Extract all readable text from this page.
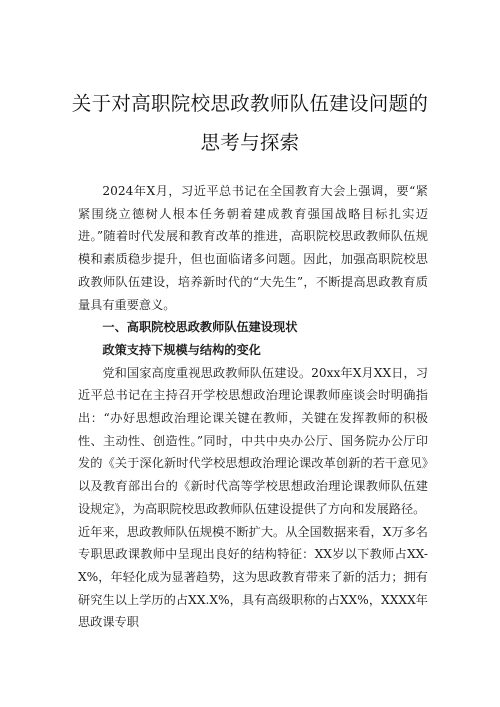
关于对高职院校思政教师队伍建设问题的
思考与探索

2024年X月，习近平总书记在全国教育大会上强调，要“紧紧围绕立德树人根本任务朝着建成教育强国战略目标扎实迈进。”随着时代发展和教育改革的推进，高职院校思政教师队伍规模和素质稳步提升，但也面临诸多问题。因此，加强高职院校思政教师队伍建设，培养新时代的“大先生”，不断提高思政教育质量具有重要意义。

一、高职院校思政教师队伍建设现状

政策支持下规模与结构的变化

党和国家高度重视思政教师队伍建设。20xx年X月XX日，习近平总书记在主持召开学校思想政治理论课教师座谈会时明确指出：“办好思想政治理论课关键在教师，关键在发挥教师的积极性、主动性、创造性。”同时，中共中央办公厅、国务院办公厅印发的《关于深化新时代学校思想政治理论课改革创新的若干意见》以及教育部出台的《新时代高等学校思想政治理论课教师队伍建设规定》，为高职院校思政教师队伍建设提供了方向和发展路径。

近年来，思政教师队伍规模不断扩大。从全国数据来看，X万多名专职思政课教师中呈现出良好的结构特征：XX岁以下教师占XX-X%，年轻化成为显著趋势，这为思政教育带来了新的活力；拥有研究生以上学历的占XX.X%，具有高级职称的占XX%，XXXX年思政课专职
